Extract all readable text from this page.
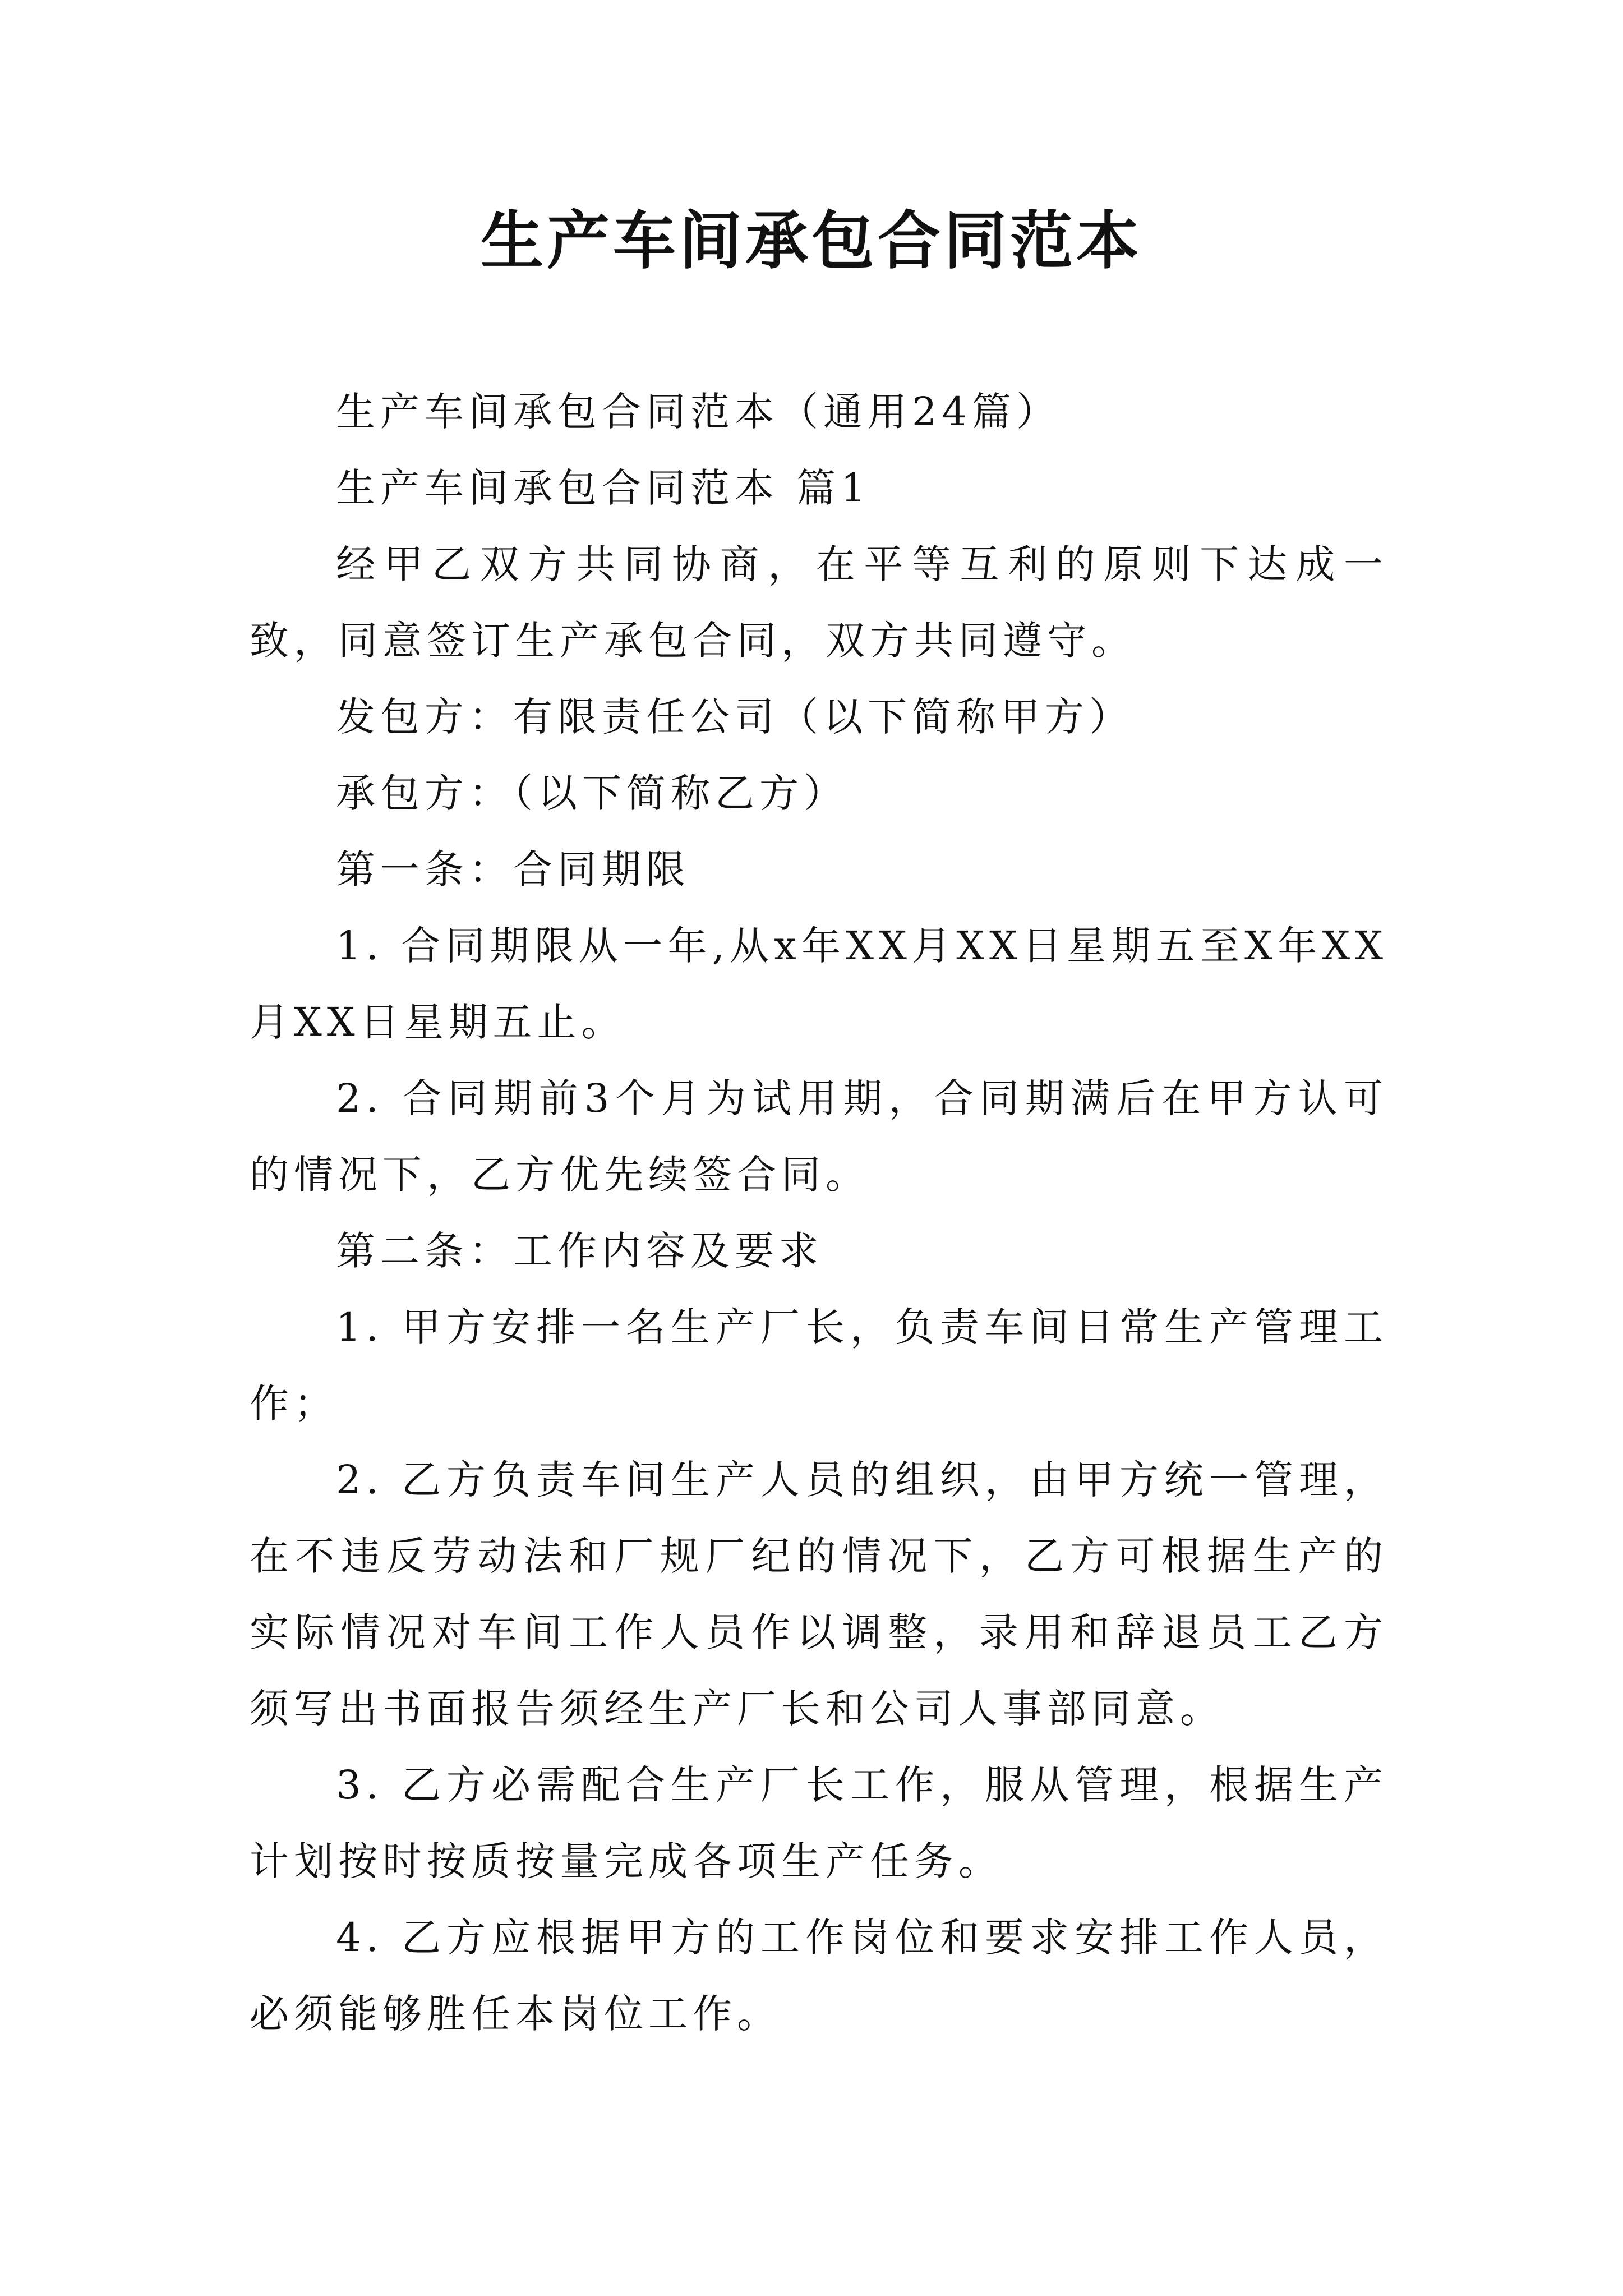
生产车间承包合同范本

生产车间承包合同范本（通用24篇）

生产车间承包合同范本 篇1

经甲乙双方共同协商，在平等互利的原则下达成一致，同意签订生产承包合同，双方共同遵守。

发包方：有限责任公司（以下简称甲方）

承包方：（以下简称乙方）

第一条：合同期限

1. 合同期限从一年,从x年XX月XX日星期五至X年XX月XX日星期五止。

2. 合同期前3个月为试用期，合同期满后在甲方认可的情况下，乙方优先续签合同。

第二条：工作内容及要求

1. 甲方安排一名生产厂长，负责车间日常生产管理工作；

2. 乙方负责车间生产人员的组织，由甲方统一管理，在不违反劳动法和厂规厂纪的情况下，乙方可根据生产的实际情况对车间工作人员作以调整，录用和辞退员工乙方须写出书面报告须经生产厂长和公司人事部同意。

3. 乙方必需配合生产厂长工作，服从管理，根据生产计划按时按质按量完成各项生产任务。

4. 乙方应根据甲方的工作岗位和要求安排工作人员，必须能够胜任本岗位工作。
